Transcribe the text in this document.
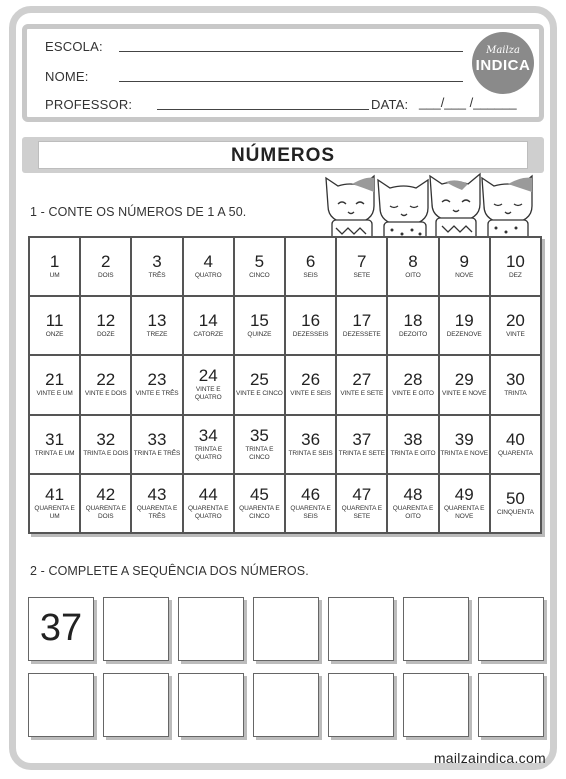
ESCOLA:
NOME:
PROFESSOR:	DATA: ___/___ /______
Mailza
INDICA
NÚMEROS
1 - CONTE OS NÚMEROS DE 1 A 50.
1
UM
2
DOIS
3
TRÊS
4
QUATRO
5
CINCO
6
SEIS
7
SETE
8
OITO
9
NOVE
10
DEZ
11
ONZE
12
DOZE
13
TREZE
14
CATORZE
15
QUINZE
16
DEZESSEIS
17
DEZESSETE
18
DEZOITO
19
DEZENOVE
20
VINTE
21
VINTE E UM
22
VINTE E DOIS
23
VINTE E TRÊS
24
VINTE E QUATRO
25
VINTE E CINCO
26
VINTE E SEIS
27
VINTE E SETE
28
VINTE E OITO
29
VINTE E NOVE
30
TRINTA
31
TRINTA E UM
32
TRINTA E DOIS
33
TRINTA E TRÊS
34
TRINTA E QUATRO
35
TRINTA E CINCO
36
TRINTA E SEIS
37
TRINTA E SETE
38
TRINTA E OITO
39
TRINTA E NOVE
40
QUARENTA
41
QUARENTA E UM
42
QUARENTA E DOIS
43
QUARENTA E TRÊS
44
QUARENTA E QUATRO
45
QUARENTA E CINCO
46
QUARENTA E SEIS
47
QUARENTA E SETE
48
QUARENTA E OITO
49
QUARENTA E NOVE
50
CINQUENTA
2 - COMPLETE A SEQUÊNCIA DOS NÚMEROS.
37
mailzaindica.com
